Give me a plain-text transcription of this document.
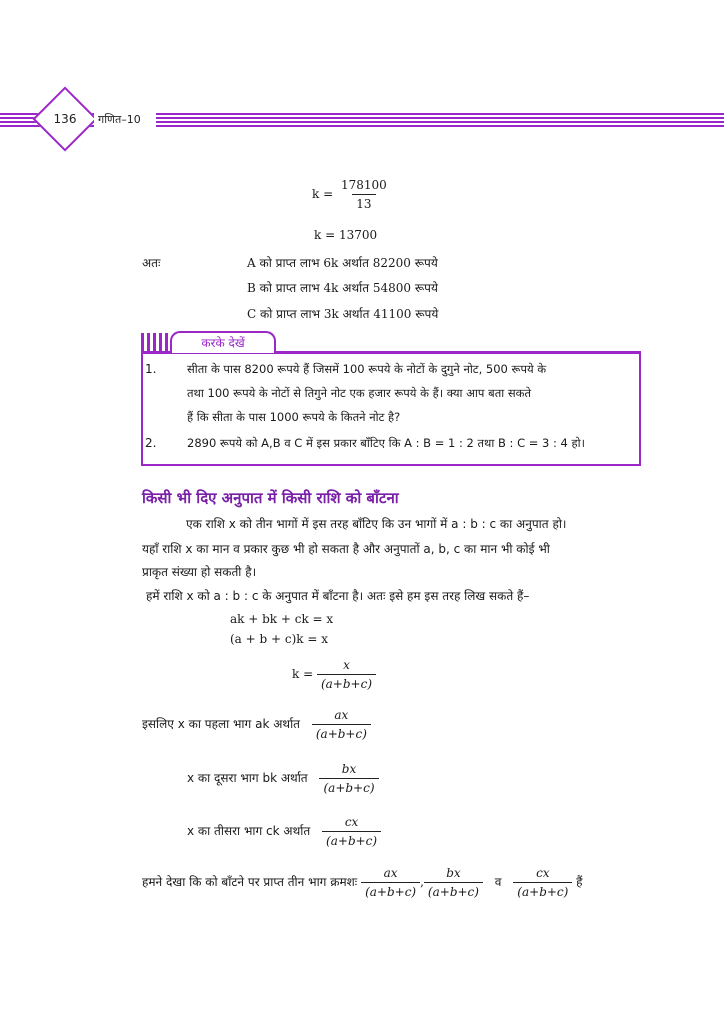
136	गणित–10
$k = \frac{178100}{13}$
k = 13700
अतः	A को प्राप्त लाभ 6k अर्थात 82200 रूपये
B को प्राप्त लाभ 4k अर्थात 54800 रूपये
C को प्राप्त लाभ 3k अर्थात 41100 रूपये
करके देखें
1.	सीता के पास 8200 रूपये हैं जिसमें 100 रूपये के नोटों के दुगुने नोट, 500 रूपये के
तथा 100 रूपये के नोटों से तिगुने नोट एक हजार रूपये के हैं। क्या आप बता सकते
हैं कि सीता के पास 1000 रूपये के कितने नोट है?
2.	2890 रूपये को A,B व C में इस प्रकार बाँटिए कि A : B = 1 : 2 तथा B : C = 3 : 4 हो।
किसी भी दिए अनुपात में किसी राशि को बाँटना
एक राशि x को तीन भागों में इस तरह बाँटिए कि उन भागों में a : b : c का अनुपात हो।
यहाँ राशि x का मान व प्रकार कुछ भी हो सकता है और अनुपातों a, b, c का मान भी कोई भी
प्राकृत संख्या हो सकती है।
हमें राशि x को a : b : c के अनुपात में बाँटना है। अतः इसे हम इस तरह लिख सकते हैं–
ak + bk + ck = x
(a + b + c)k = x
$k = \frac{x}{(a+b+c)}$
इसलिए x का पहला भाग ak अर्थात $\frac{ax}{(a+b+c)}$
x का दूसरा भाग bk अर्थात $\frac{bx}{(a+b+c)}$
x का तीसरा भाग ck अर्थात $\frac{cx}{(a+b+c)}$
हमने देखा कि को बाँटने पर प्राप्त तीन भाग क्रमशः $\frac{ax}{(a+b+c)}$ , $\frac{bx}{(a+b+c)}$ व $\frac{cx}{(a+b+c)}$ हैं
